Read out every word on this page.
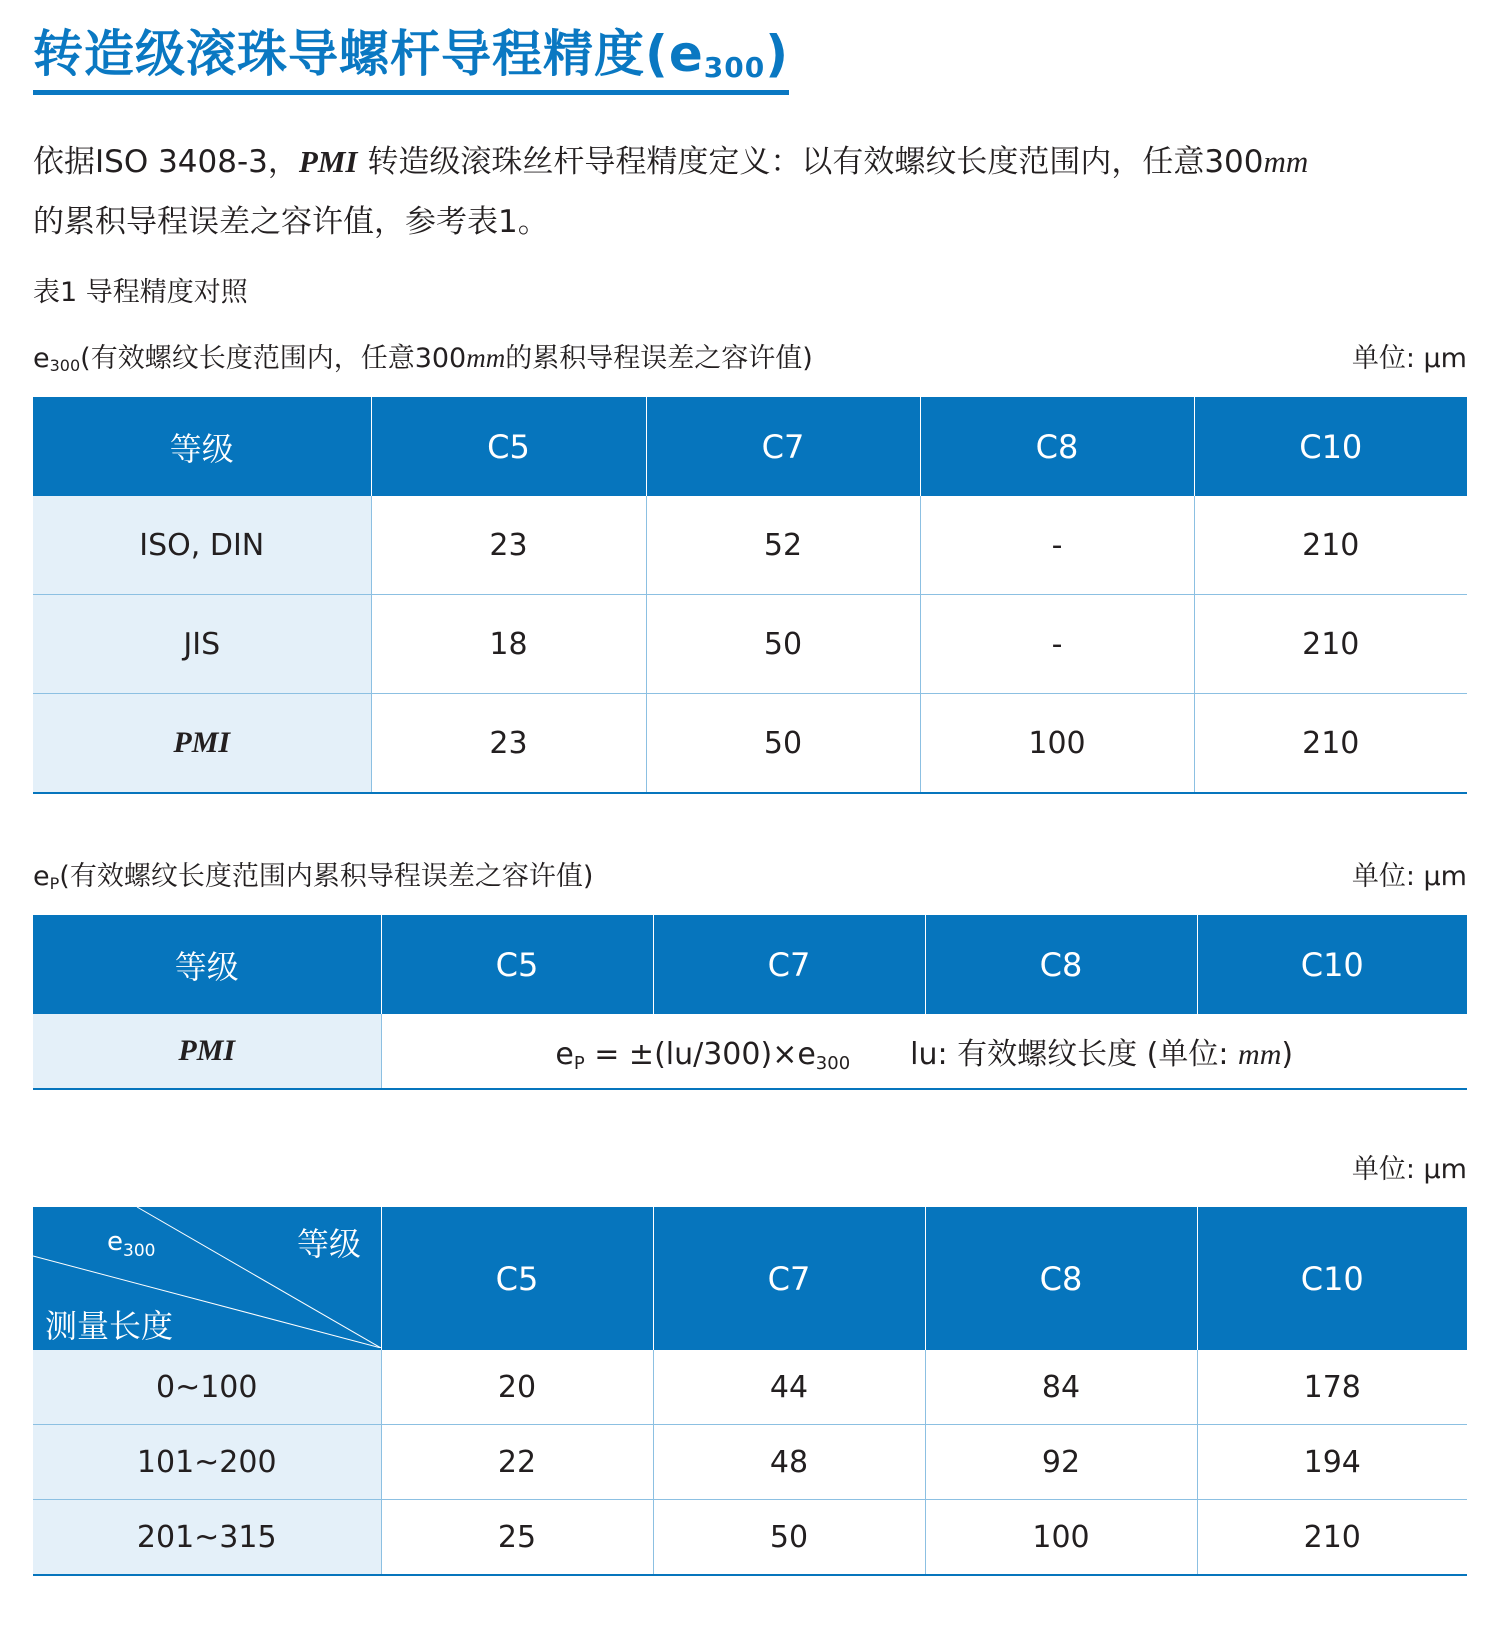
转造级滚珠导螺杆导程精度$(e_{300})$
依据ISO 3408-3，PMI 转造级滚珠丝杆导程精度定义：以有效螺纹长度范围内，任意300mm
的累积导程误差之容许值，参考表1。
表1 导程精度对照
$e_{300}$(有效螺纹长度范围内，任意300mm的累积导程误差之容许值)	单位: μm
等级	C5	C7	C8	C10
ISO, DIN	23	52	-	210
JIS	18	50	-	210
PMI	23	50	100	210
$e_P$(有效螺纹长度范围内累积导程误差之容许值)	单位: μm
等级	C5	C7	C8	C10
PMI	$e_P = \pm(lu/300)\times e_{300}$ lu: 有效螺纹长度 (单位: mm)			
单位: μm
$e_{300}$ 等级
测量长度	C5	C7	C8	C10
0~100	20	44	84	178
101~200	22	48	92	194
201~315	25	50	100	210
